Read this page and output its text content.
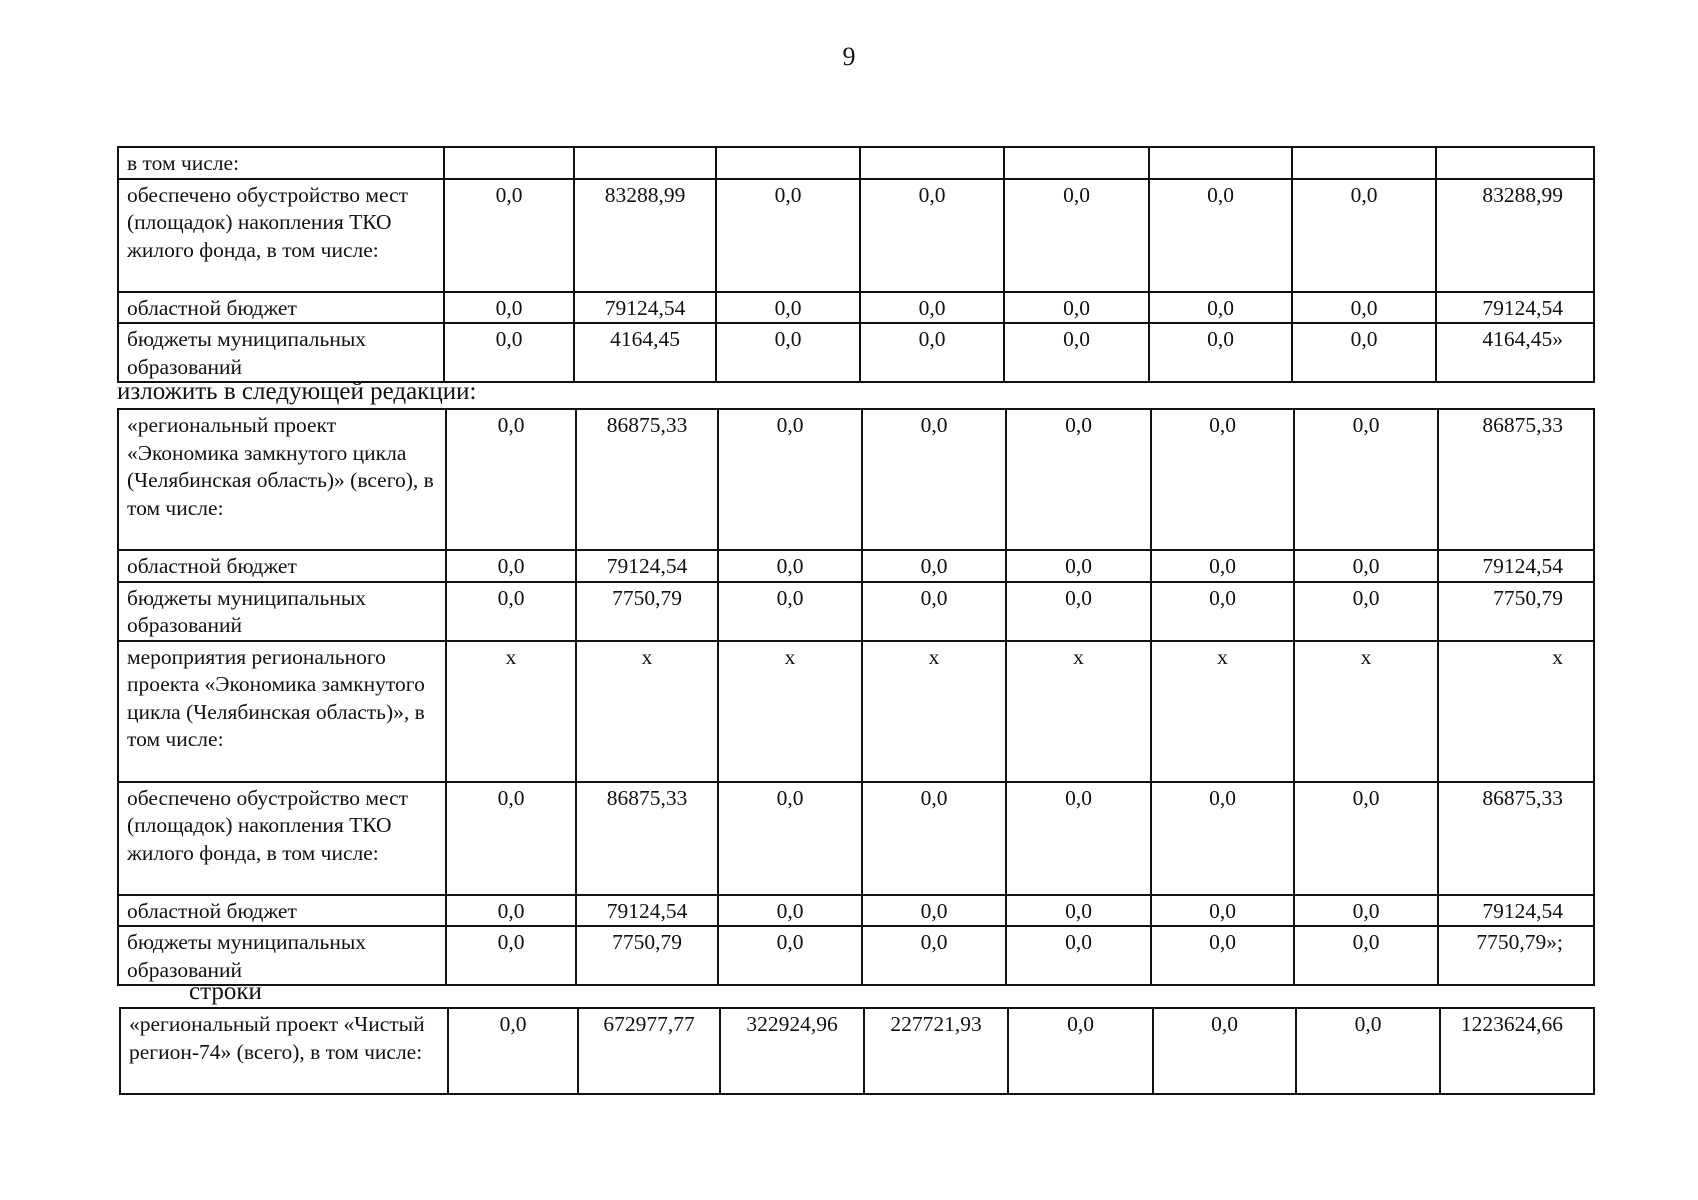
9
в том числе:								
обеспечено обустройство мест (площадок) накопления ТКО жилого фонда, в том числе:	0,0	83288,99	0,0	0,0	0,0	0,0	0,0	83288,99
областной бюджет	0,0	79124,54	0,0	0,0	0,0	0,0	0,0	79124,54
бюджеты муниципальных образований	0,0	4164,45	0,0	0,0	0,0	0,0	0,0	4164,45»
изложить в следующей редакции:
«региональный проект «Экономика замкнутого цикла (Челябинская область)» (всего), в том числе:	0,0	86875,33	0,0	0,0	0,0	0,0	0,0	86875,33
областной бюджет	0,0	79124,54	0,0	0,0	0,0	0,0	0,0	79124,54
бюджеты муниципальных образований	0,0	7750,79	0,0	0,0	0,0	0,0	0,0	7750,79
мероприятия регионального проекта «Экономика замкнутого цикла (Челябинская область)», в том числе:	x	x	x	x	x	x	x	x
обеспечено обустройство мест (площадок) накопления ТКО жилого фонда, в том числе:	0,0	86875,33	0,0	0,0	0,0	0,0	0,0	86875,33
областной бюджет	0,0	79124,54	0,0	0,0	0,0	0,0	0,0	79124,54
бюджеты муниципальных образований	0,0	7750,79	0,0	0,0	0,0	0,0	0,0	7750,79»;
строки
«региональный проект «Чистый регион-74» (всего), в том числе:	0,0	672977,77	322924,96	227721,93	0,0	0,0	0,0	1223624,66
